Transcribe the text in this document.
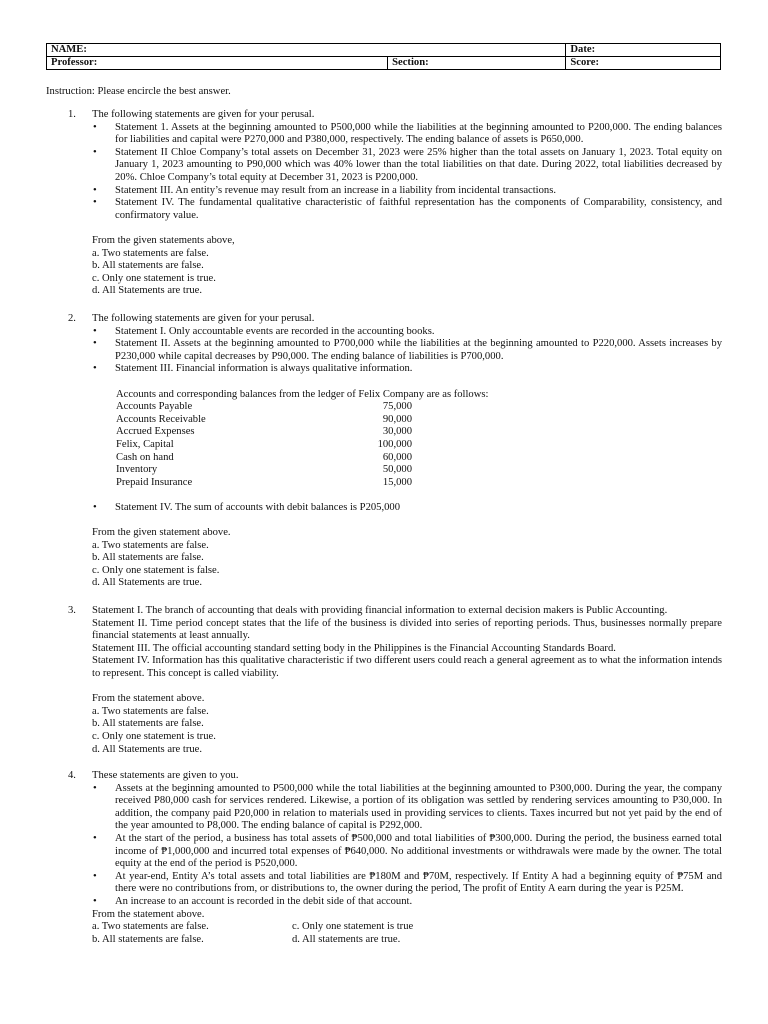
NAME:		Date:
Professor:	Section:	Score:
Instruction: Please encircle the best answer.
1. The following statements are given for your perusal.
• Statement 1. Assets at the beginning amounted to P500,000 while the liabilities at the beginning amounted to P200,000. The ending balances for liabilities and capital were P270,000 and P380,000, respectively. The ending balance of assets is P650,000.
• Statement II Chloe Company’s total assets on December 31, 2023 were 25% higher than the total assets on January 1, 2023. Total equity on January 1, 2023 amounting to P90,000 which was 40% lower than the total liabilities on that date. During 2022, total liabilities decreased by 20%. Chloe Company’s total equity at December 31, 2023 is P200,000.
• Statement III. An entity’s revenue may result from an increase in a liability from incidental transactions.
• Statement IV. The fundamental qualitative characteristic of faithful representation has the components of Comparability, consistency, and confirmatory value.
From the given statements above,
a. Two statements are false.
b. All statements are false.
c. Only one statement is true.
d. All Statements are true.
2. The following statements are given for your perusal.
• Statement I. Only accountable events are recorded in the accounting books.
• Statement II. Assets at the beginning amounted to P700,000 while the liabilities at the beginning amounted to P220,000. Assets increases by P230,000 while capital decreases by P90,000. The ending balance of liabilities is P700,000.
• Statement III. Financial information is always qualitative information.
Accounts and corresponding balances from the ledger of Felix Company are as follows:
Accounts Payable	75,000
Accounts Receivable	90,000
Accrued Expenses	30,000
Felix, Capital	100,000
Cash on hand	60,000
Inventory	50,000
Prepaid Insurance	15,000
• Statement IV. The sum of accounts with debit balances is P205,000
From the given statement above.
a. Two statements are false.
b. All statements are false.
c. Only one statement is false.
d. All Statements are true.
3. Statement I. The branch of accounting that deals with providing financial information to external decision makers is Public Accounting.
Statement II. Time period concept states that the life of the business is divided into series of reporting periods. Thus, businesses normally prepare financial statements at least annually.
Statement III. The official accounting standard setting body in the Philippines is the Financial Accounting Standards Board.
Statement IV. Information has this qualitative characteristic if two different users could reach a general agreement as to what the information intends to represent. This concept is called viability.
From the statement above.
a. Two statements are false.
b. All statements are false.
c. Only one statement is true.
d. All Statements are true.
4. These statements are given to you.
• Assets at the beginning amounted to P500,000 while the total liabilities at the beginning amounted to P300,000. During the year, the company received P80,000 cash for services rendered. Likewise, a portion of its obligation was settled by rendering services amounting to P30,000. In addition, the company paid P20,000 in relation to materials used in providing services to clients. Taxes incurred but not yet paid by the end of the year amounted to P8,000. The ending balance of capital is P292,000.
• At the start of the period, a business has total assets of ₱500,000 and total liabilities of ₱300,000. During the period, the business earned total income of ₱1,000,000 and incurred total expenses of ₱640,000. No additional investments or withdrawals were made by the owner. The total equity at the end of the period is P520,000.
• At year-end, Entity A’s total assets and total liabilities are ₱180M and ₱70M, respectively. If Entity A had a beginning equity of ₱75M and there were no contributions from, or distributions to, the owner during the period, The profit of Entity A earn during the year is P25M.
• An increase to an account is recorded in the debit side of that account.
From the statement above.
a. Two statements are false.	c. Only one statement is true
b. All statements are false.	d. All statements are true.
